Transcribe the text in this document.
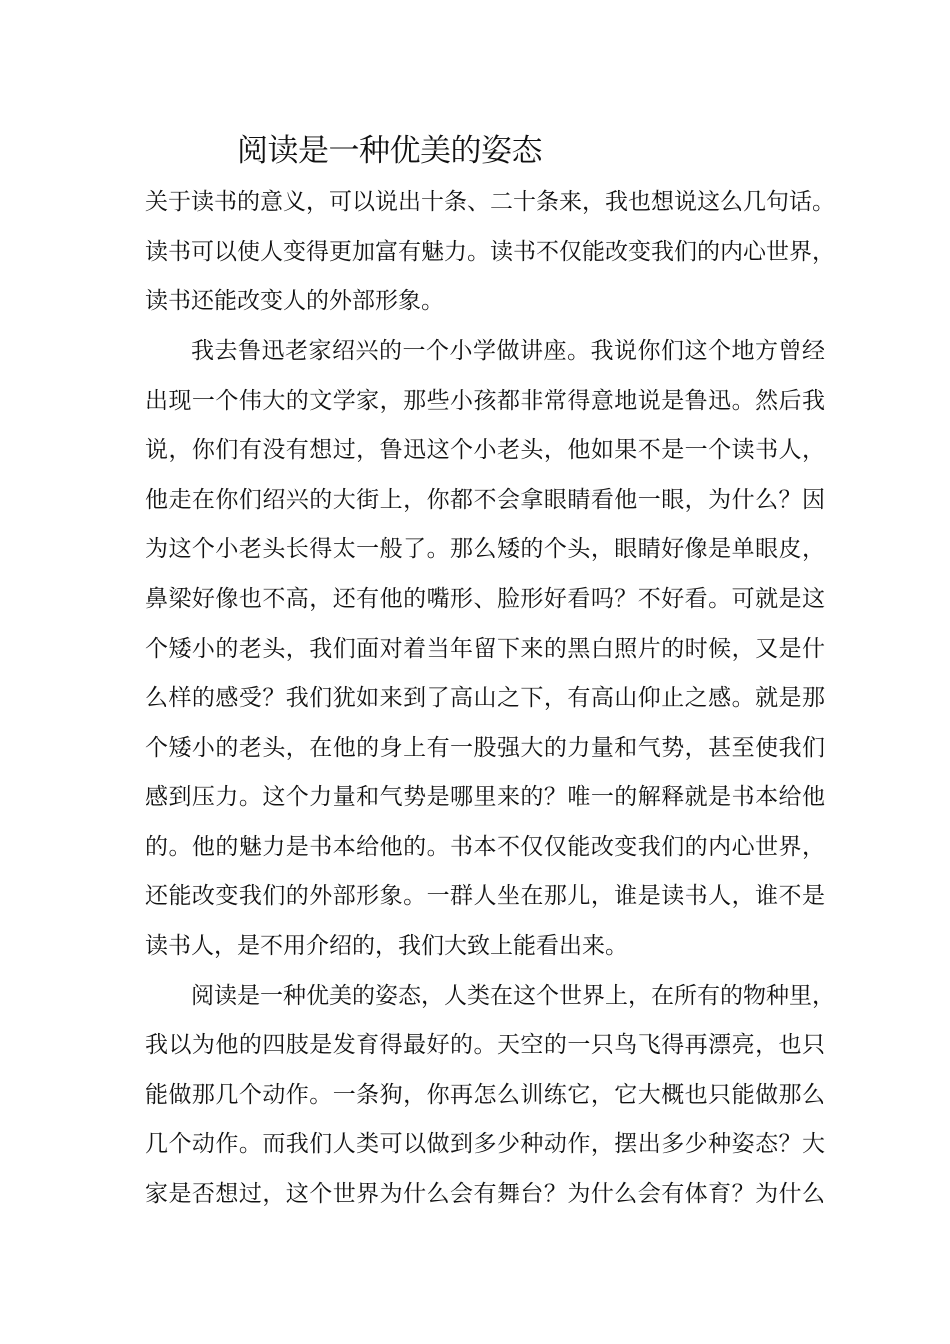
阅读是一种优美的姿态
关于读书的意义，可以说出十条、二十条来，我也想说这么几句话。
读书可以使人变得更加富有魅力。读书不仅能改变我们的内心世界，
读书还能改变人的外部形象。
我去鲁迅老家绍兴的一个小学做讲座。我说你们这个地方曾经
出现一个伟大的文学家，那些小孩都非常得意地说是鲁迅。然后我
说，你们有没有想过，鲁迅这个小老头，他如果不是一个读书人，
他走在你们绍兴的大街上，你都不会拿眼睛看他一眼，为什么？因
为这个小老头长得太一般了。那么矮的个头，眼睛好像是单眼皮，
鼻梁好像也不高，还有他的嘴形、脸形好看吗？不好看。可就是这
个矮小的老头，我们面对着当年留下来的黑白照片的时候，又是什
么样的感受？我们犹如来到了高山之下，有高山仰止之感。就是那
个矮小的老头，在他的身上有一股强大的力量和气势，甚至使我们
感到压力。这个力量和气势是哪里来的？唯一的解释就是书本给他
的。他的魅力是书本给他的。书本不仅仅能改变我们的内心世界，
还能改变我们的外部形象。一群人坐在那儿，谁是读书人，谁不是
读书人，是不用介绍的，我们大致上能看出来。
阅读是一种优美的姿态，人类在这个世界上，在所有的物种里，
我以为他的四肢是发育得最好的。天空的一只鸟飞得再漂亮，也只
能做那几个动作。一条狗，你再怎么训练它，它大概也只能做那么
几个动作。而我们人类可以做到多少种动作，摆出多少种姿态？大
家是否想过，这个世界为什么会有舞台？为什么会有体育？为什么
